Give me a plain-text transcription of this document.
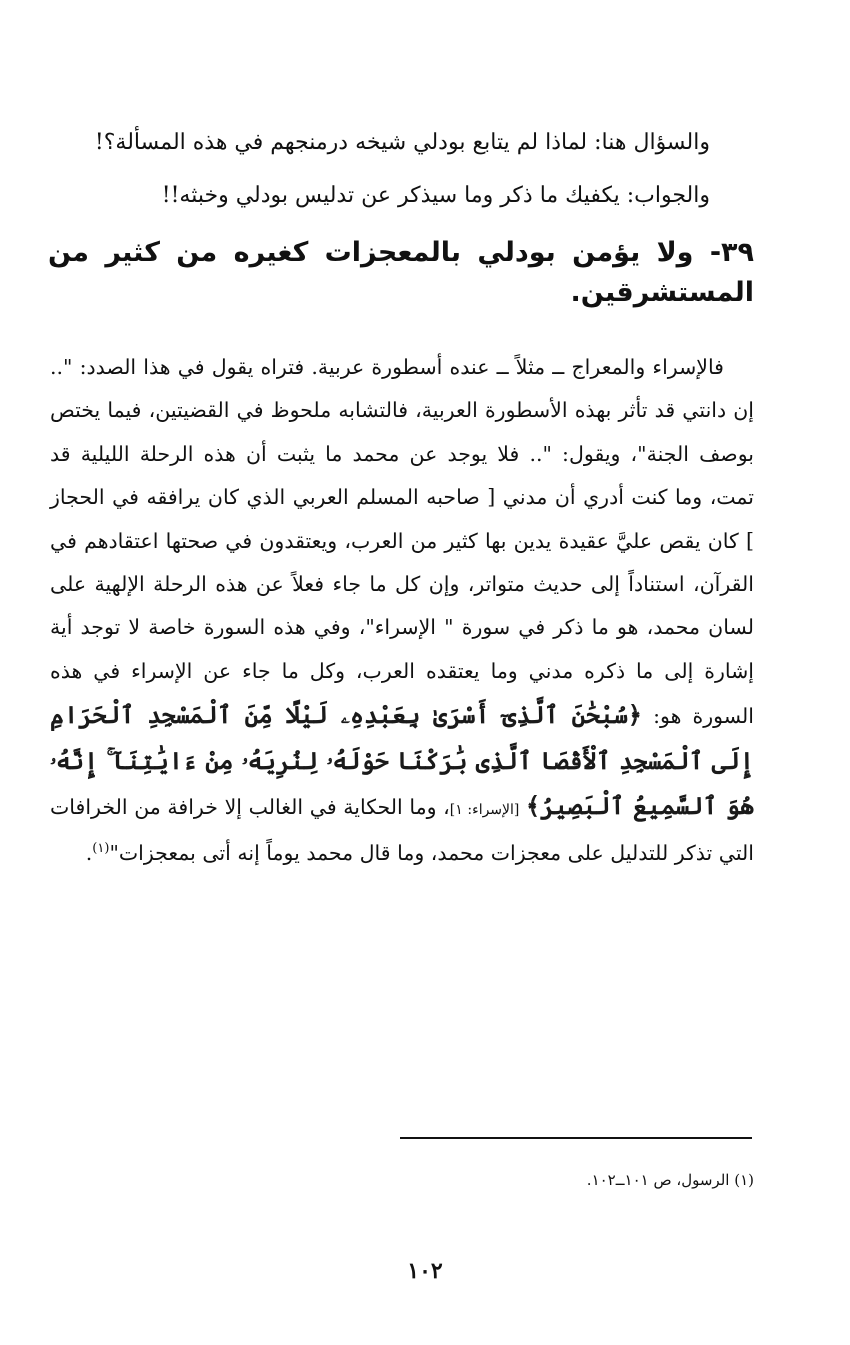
والسؤال هنا: لماذا لم يتابع بودلي شيخه درمنجهم في هذه المسألة؟!
والجواب: يكفيك ما ذكر وما سيذكر عن تدليس بودلي وخبثه!!
٣٩- ولا يؤمن بودلي بالمعجزات كغيره من كثير من المستشرقين.
فالإسراء والمعراج ــ مثلاً ــ عنده أسطورة عربية. فتراه يقول في هذا الصدد: ".. إن دانتي قد تأثر بهذه الأسطورة العربية، فالتشابه ملحوظ في القضيتين، فيما يختص بوصف الجنة"، ويقول: ".. فلا يوجد عن محمد ما يثبت أن هذه الرحلة الليلية قد تمت، وما كنت أدري أن مدني [ صاحبه المسلم العربي الذي كان يرافقه في الحجاز ] كان يقص عليَّ عقيدة يدين بها كثير من العرب، ويعتقدون في صحتها اعتقادهم في القرآن، استناداً إلى حديث متواتر، وإن كل ما جاء فعلاً عن هذه الرحلة الإلهية على لسان محمد، هو ما ذكر في سورة " الإسراء"، وفي هذه السورة خاصة لا توجد أية إشارة إلى ما ذكره مدني وما يعتقده العرب، وكل ما جاء عن الإسراء في هذه السورة هو: ﴿سُبْحَٰنَ ٱلَّذِىٓ أَسْرَىٰ بِعَبْدِهِۦ لَيْلًا مِّنَ ٱلْمَسْجِدِ ٱلْحَرَامِ إِلَى ٱلْمَسْجِدِ ٱلْأَقْصَا ٱلَّذِى بَٰرَكْنَا حَوْلَهُۥ لِنُرِيَهُۥ مِنْ ءَايَٰتِنَآ ۚ إِنَّهُۥ هُوَ ٱلسَّمِيعُ ٱلْبَصِيرُ﴾ [الإسراء: ١]، وما الحكاية في الغالب إلا خرافة من الخرافات التي تذكر للتدليل على معجزات محمد، وما قال محمد يوماً إنه أتى بمعجزات"$^{(١)}$.
(١) الرسول، ص ١٠١ــ١٠٢.
١٠٢
